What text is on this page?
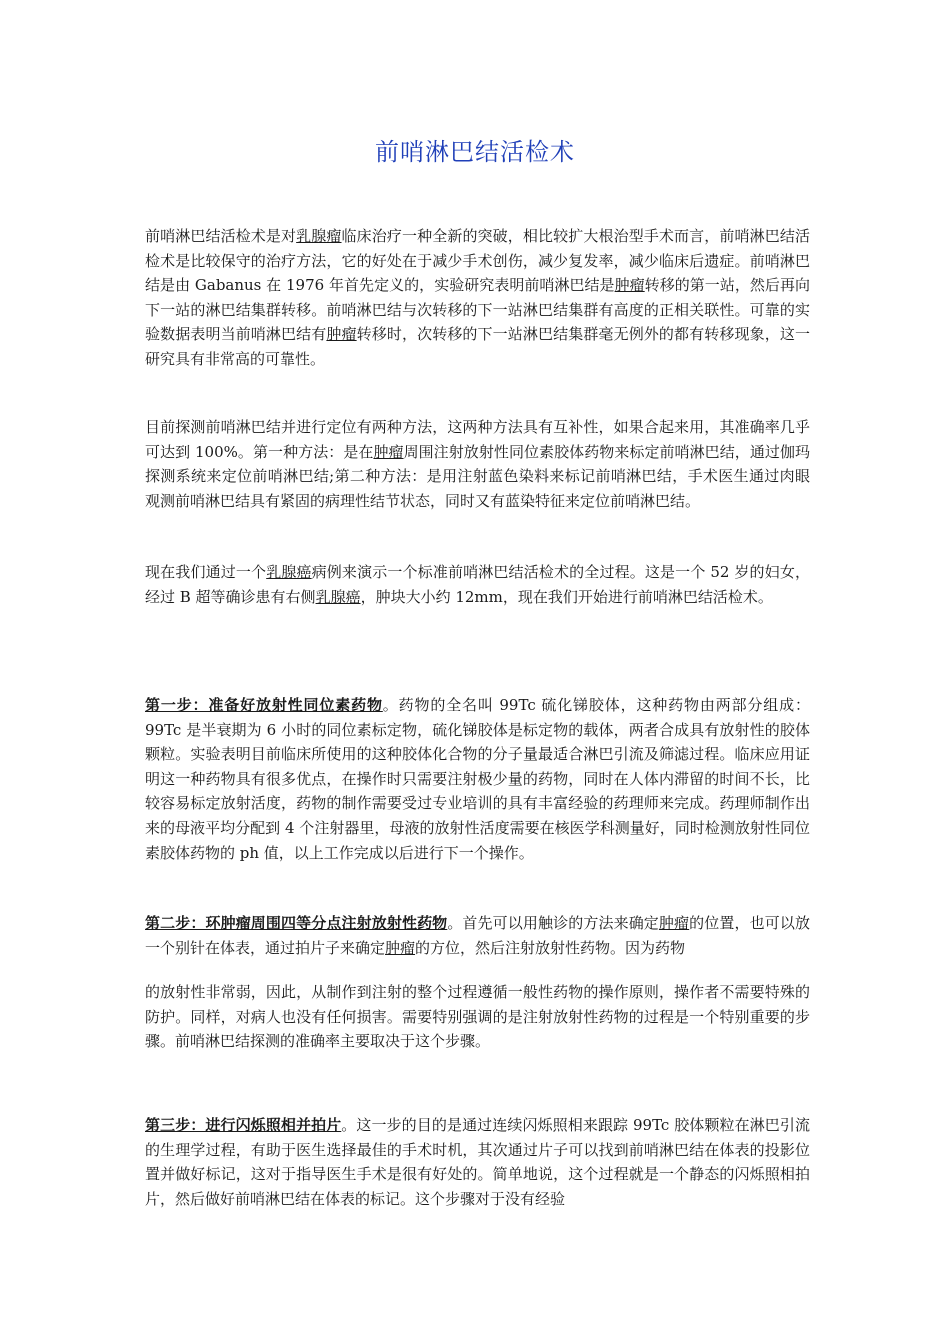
前哨淋巴结活检术

前哨淋巴结活检术是对乳腺瘤临床治疗一种全新的突破，相比较扩大根治型手术而言，前哨淋巴结活检术是比较保守的治疗方法，它的好处在于减少手术创伤，减少复发率，减少临床后遗症。前哨淋巴结是由 Gabanus 在 1976 年首先定义的，实验研究表明前哨淋巴结是肿瘤转移的第一站，然后再向下一站的淋巴结集群转移。前哨淋巴结与次转移的下一站淋巴结集群有高度的正相关联性。可靠的实验数据表明当前哨淋巴结有肿瘤转移时，次转移的下一站淋巴结集群毫无例外的都有转移现象，这一研究具有非常高的可靠性。

目前探测前哨淋巴结并进行定位有两种方法，这两种方法具有互补性，如果合起来用，其准确率几乎可达到 100%。第一种方法：是在肿瘤周围注射放射性同位素胶体药物来标定前哨淋巴结，通过伽玛探测系统来定位前哨淋巴结;第二种方法：是用注射蓝色染料来标记前哨淋巴结，手术医生通过肉眼观测前哨淋巴结具有紧固的病理性结节状态，同时又有蓝染特征来定位前哨淋巴结。

现在我们通过一个乳腺癌病例来演示一个标准前哨淋巴结活检术的全过程。这是一个 52 岁的妇女，经过 B 超等确诊患有右侧乳腺癌，肿块大小约 12mm，现在我们开始进行前哨淋巴结活检术。

第一步：准备好放射性同位素药物。药物的全名叫 99Tc 硫化锑胶体，这种药物由两部分组成：99Tc 是半衰期为 6 小时的同位素标定物，硫化锑胶体是标定物的载体，两者合成具有放射性的胶体颗粒。实验表明目前临床所使用的这种胶体化合物的分子量最适合淋巴引流及筛滤过程。临床应用证明这一种药物具有很多优点，在操作时只需要注射极少量的药物，同时在人体内滞留的时间不长，比较容易标定放射活度，药物的制作需要受过专业培训的具有丰富经验的药理师来完成。药理师制作出来的母液平均分配到 4 个注射器里，母液的放射性活度需要在核医学科测量好，同时检测放射性同位素胶体药物的 ph 值，以上工作完成以后进行下一个操作。

第二步：环肿瘤周围四等分点注射放射性药物。首先可以用触诊的方法来确定肿瘤的位置，也可以放一个别针在体表，通过拍片子来确定肿瘤的方位，然后注射放射性药物。因为药物

的放射性非常弱，因此，从制作到注射的整个过程遵循一般性药物的操作原则，操作者不需要特殊的防护。同样，对病人也没有任何损害。需要特别强调的是注射放射性药物的过程是一个特别重要的步骤。前哨淋巴结探测的准确率主要取决于这个步骤。

第三步：进行闪烁照相并拍片。这一步的目的是通过连续闪烁照相来跟踪 99Tc 胶体颗粒在淋巴引流的生理学过程，有助于医生选择最佳的手术时机，其次通过片子可以找到前哨淋巴结在体表的投影位置并做好标记，这对于指导医生手术是很有好处的。简单地说，这个过程就是一个静态的闪烁照相拍片，然后做好前哨淋巴结在体表的标记。这个步骤对于没有经验
